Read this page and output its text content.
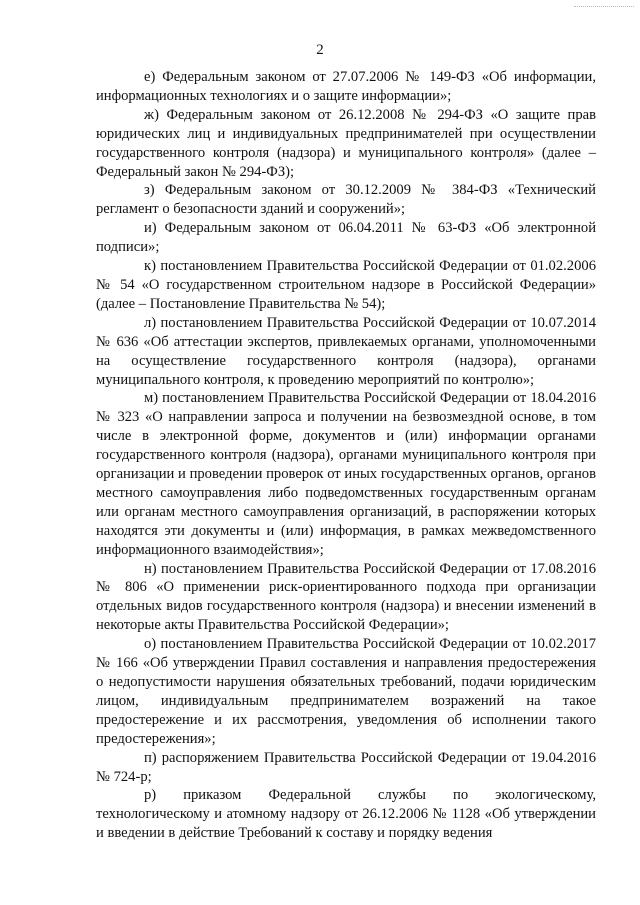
2

е) Федеральным законом от 27.07.2006 № 149-ФЗ «Об информации, информационных технологиях и о защите информации»;

ж) Федеральным законом от 26.12.2008 № 294-ФЗ «О защите прав юридических лиц и индивидуальных предпринимателей при осуществлении государственного контроля (надзора) и муниципального контроля» (далее – Федеральный закон № 294-ФЗ);

з) Федеральным законом от 30.12.2009 № 384-ФЗ «Технический регламент о безопасности зданий и сооружений»;

и) Федеральным законом от 06.04.2011 № 63-ФЗ «Об электронной подписи»;

к) постановлением Правительства Российской Федерации от 01.02.2006 № 54 «О государственном строительном надзоре в Российской Федерации» (далее – Постановление Правительства № 54);

л) постановлением Правительства Российской Федерации от 10.07.2014 № 636 «Об аттестации экспертов, привлекаемых органами, уполномоченными на осуществление государственного контроля (надзора), органами муниципального контроля, к проведению мероприятий по контролю»;

м) постановлением Правительства Российской Федерации от 18.04.2016 № 323 «О направлении запроса и получении на безвозмездной основе, в том числе в электронной форме, документов и (или) информации органами государственного контроля (надзора), органами муниципального контроля при организации и проведении проверок от иных государственных органов, органов местного самоуправления либо подведомственных государственным органам или органам местного самоуправления организаций, в распоряжении которых находятся эти документы и (или) информация, в рамках межведомственного информационного взаимодействия»;

н) постановлением Правительства Российской Федерации от 17.08.2016 № 806 «О применении риск-ориентированного подхода при организации отдельных видов государственного контроля (надзора) и внесении изменений в некоторые акты Правительства Российской Федерации»;

о) постановлением Правительства Российской Федерации от 10.02.2017 № 166 «Об утверждении Правил составления и направления предостережения о недопустимости нарушения обязательных требований, подачи юридическим лицом, индивидуальным предпринимателем возражений на такое предостережение и их рассмотрения, уведомления об исполнении такого предостережения»;

п) распоряжением Правительства Российской Федерации от 19.04.2016 № 724-р;

р) приказом Федеральной службы по экологическому, технологическому и атомному надзору от 26.12.2006 № 1128 «Об утверждении и введении в действие Требований к составу и порядку ведения
